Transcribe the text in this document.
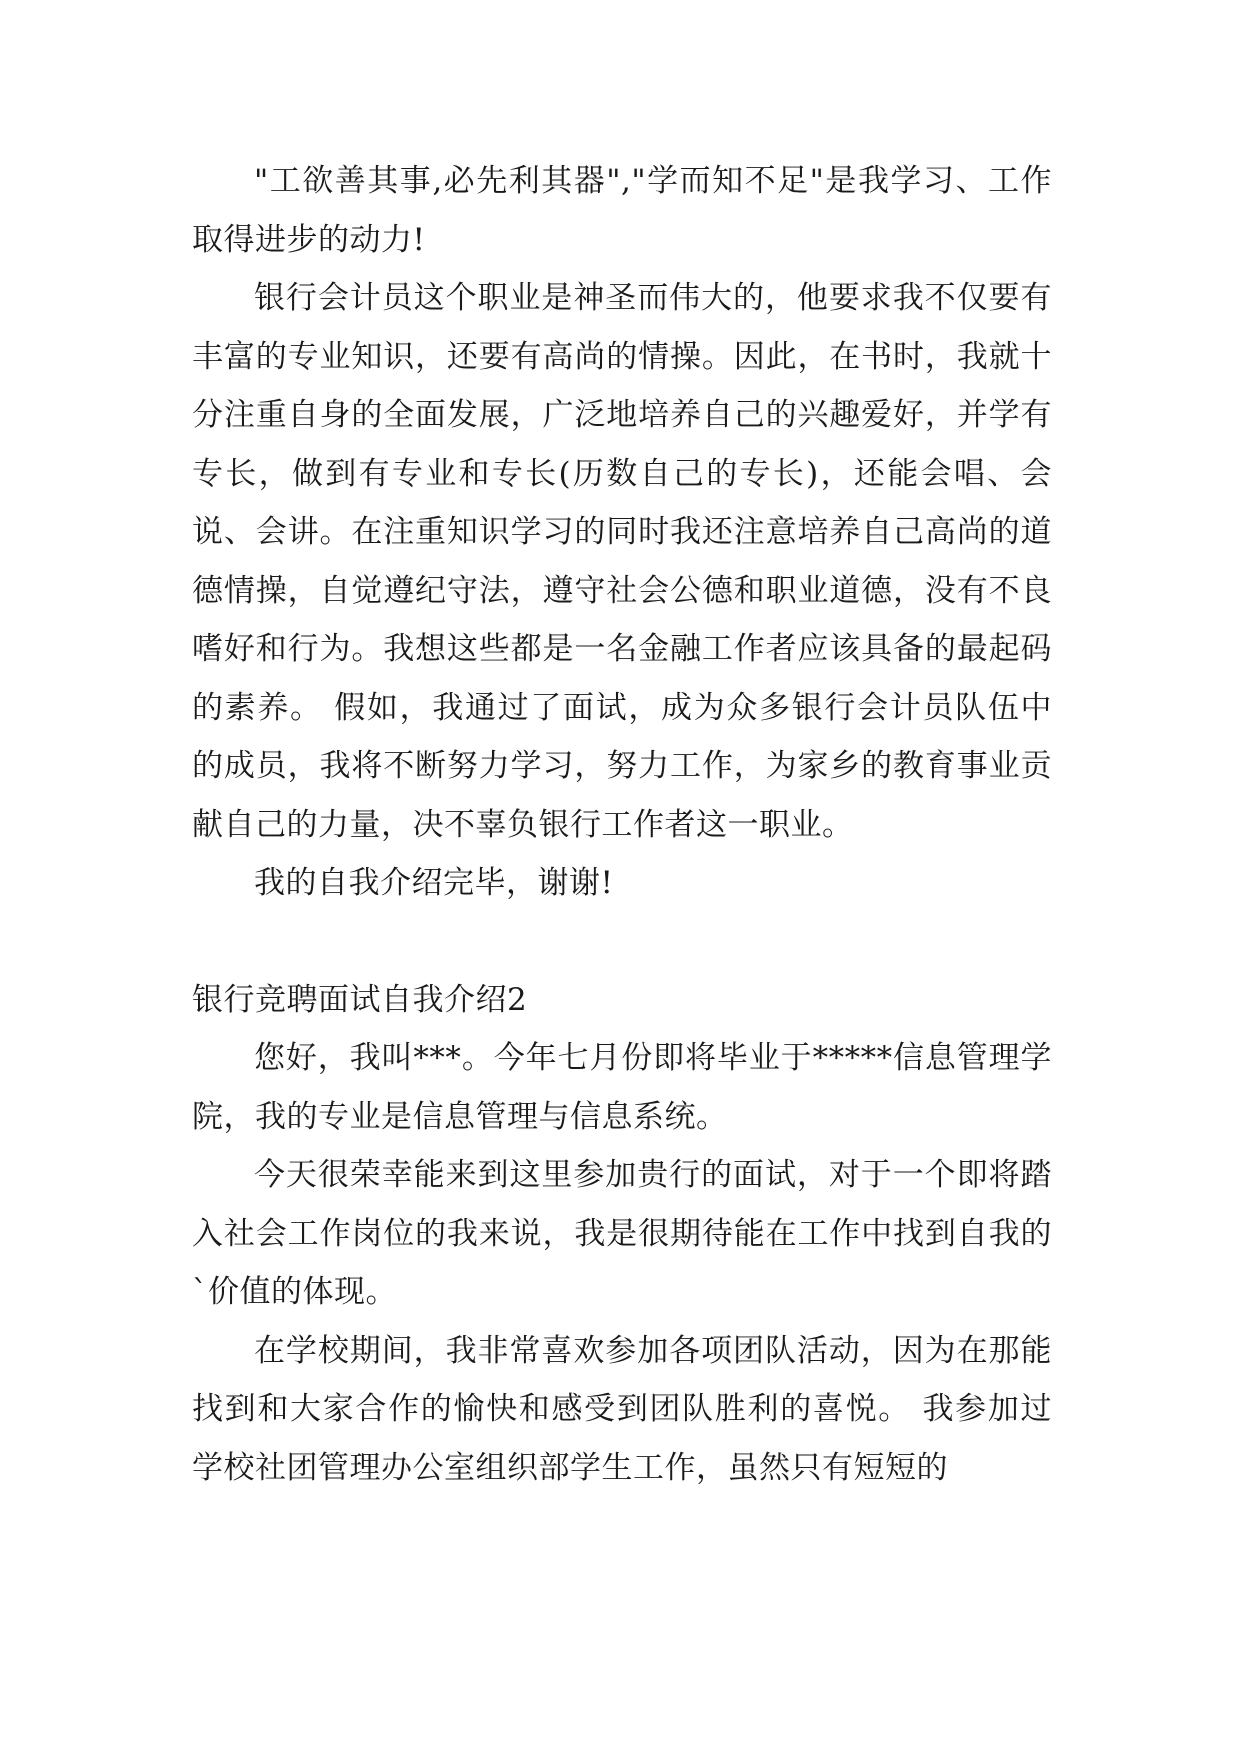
"工欲善其事,必先利其器","学而知不足"是我学习、工作取得进步的动力!

银行会计员这个职业是神圣而伟大的，他要求我不仅要有丰富的专业知识，还要有高尚的情操。因此，在书时，我就十分注重自身的全面发展，广泛地培养自己的兴趣爱好，并学有专长，做到有专业和专长(历数自己的专长)，还能会唱、会说、会讲。在注重知识学习的同时我还注意培养自己高尚的道德情操，自觉遵纪守法，遵守社会公德和职业道德，没有不良嗜好和行为。我想这些都是一名金融工作者应该具备的最起码的素养。 假如，我通过了面试，成为众多银行会计员队伍中的成员，我将不断努力学习，努力工作，为家乡的教育事业贡献自己的力量，决不辜负银行工作者这一职业。

我的自我介绍完毕，谢谢!

银行竞聘面试自我介绍2

您好，我叫***。今年七月份即将毕业于*****信息管理学院，我的专业是信息管理与信息系统。

今天很荣幸能来到这里参加贵行的面试，对于一个即将踏入社会工作岗位的我来说，我是很期待能在工作中找到自我的`价值的体现。

在学校期间，我非常喜欢参加各项团队活动，因为在那能找到和大家合作的愉快和感受到团队胜利的喜悦。 我参加过学校社团管理办公室组织部学生工作，虽然只有短短的
